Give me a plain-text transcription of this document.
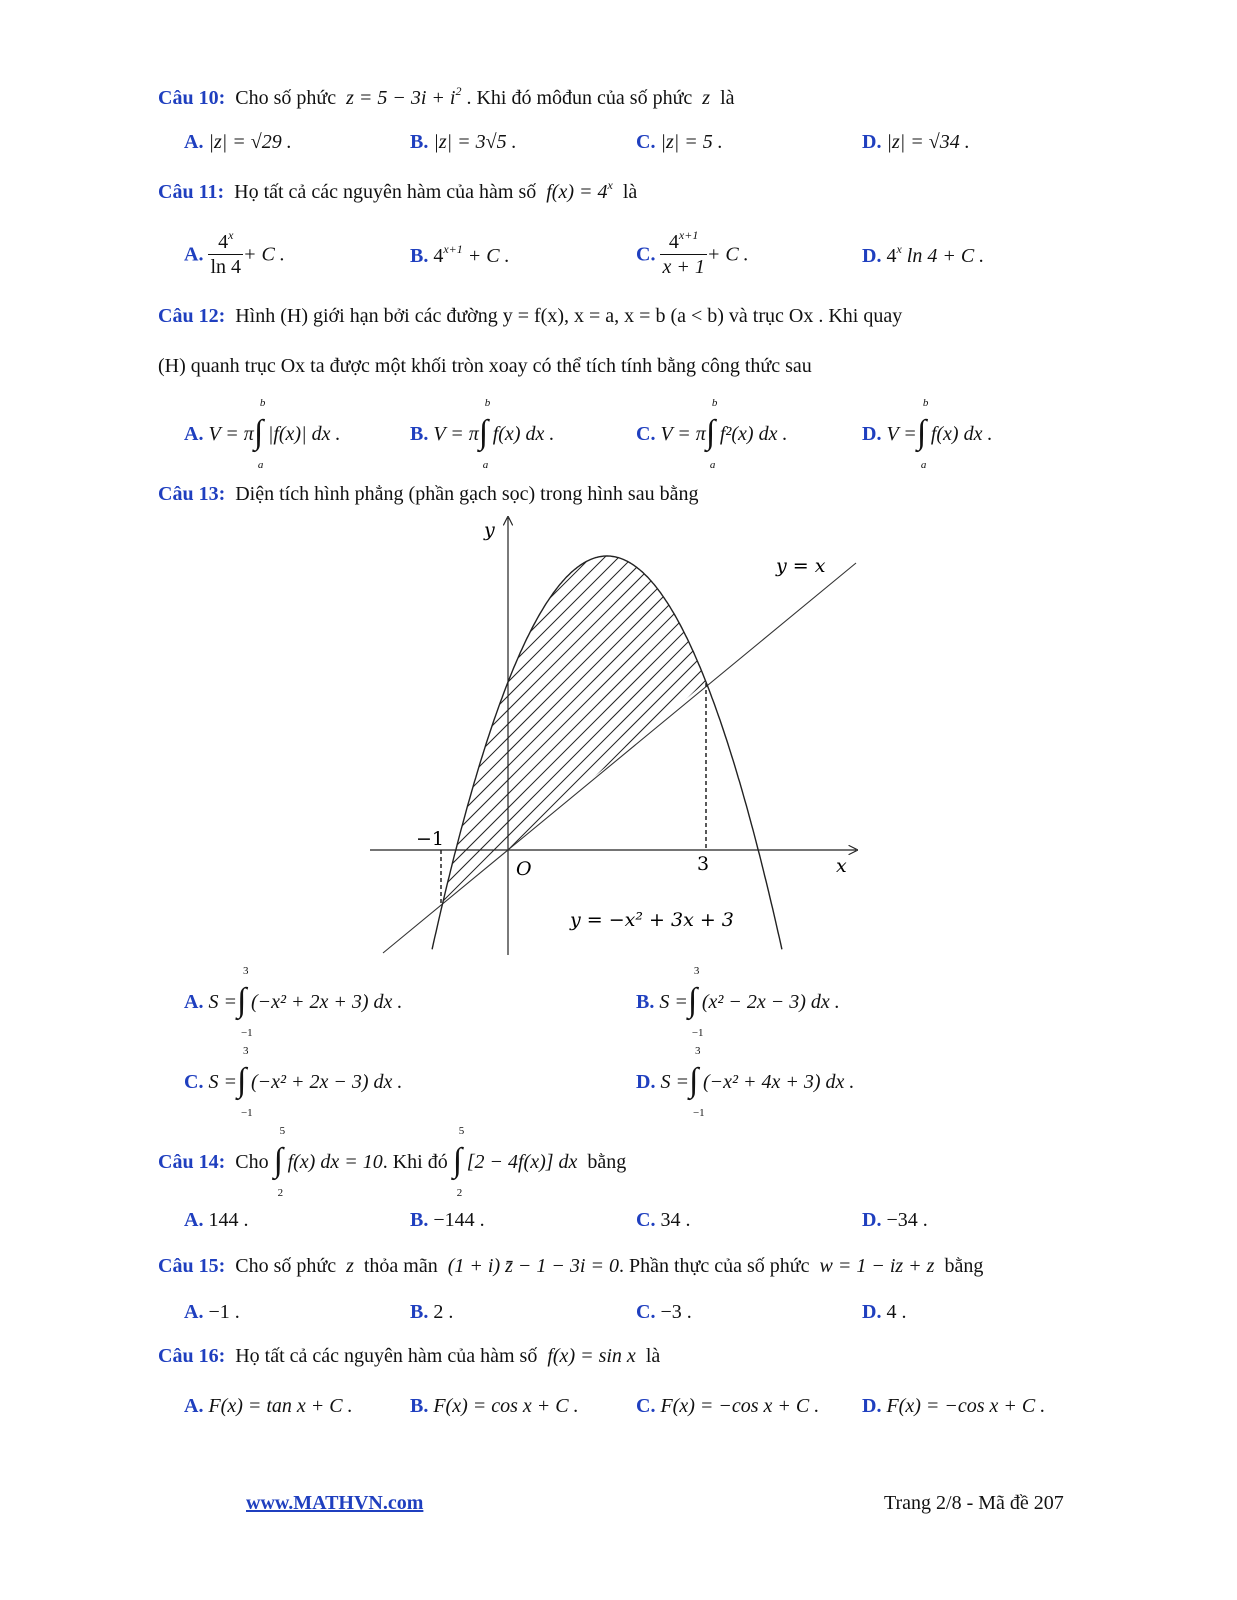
Câu 10: Cho số phức $z = 5 - 3i + i^2$ . Khi đó môđun của số phức z là
A. |z| = √29 .	B. |z| = 3√5 .	C. |z| = 5 .	D. |z| = √34 .
Câu 11: Họ tất cả các nguyên hàm của hàm số $f(x) = 4^x$ là
A. $\frac{4^x}{\ln 4} + C$ .	B. $4^{x+1} + C$ .	C. $\frac{4^{x+1}}{x + 1} + C$ .	D. 4$^x$ ln 4 + C .
Câu 12: Hình (H) giới hạn bởi các đường y = f(x), x = a, x = b (a < b) và trục Ox . Khi quay
(H) quanh trục Ox ta được một khối tròn xoay có thể tích tính bằng công thức sau
A. V = π ∫
b
a
|f(x)| dx .	B. V = π ∫
b
a
f(x) dx .	C. V = π ∫
b
a
f²(x) dx .	D. V = ∫
b
a
f(x) dx .
Câu 13: Diện tích hình phẳng (phần gạch sọc) trong hình sau bằng
y
x
O
−1
3
y = x
y = −x² + 3x + 3
A. S = ∫
3
−1
(−x² + 2x + 3) dx .	B. S = ∫
3
−1
(x² − 2x − 3) dx .
C. S = ∫
3
−1
(−x² + 2x − 3) dx .	D. S = ∫
3
−1
(−x² + 4x + 3) dx .
Câu 14: Cho ∫
5
2
f(x) dx = 10. Khi đó ∫
5
2
[2 − 4f(x)] dx bằng
A. 144 .	B. −144 .	C. 34 .	D. −34 .
Câu 15: Cho số phức z thỏa mãn (1 + i) z̄ − 1 − 3i = 0. Phần thực của số phức w = 1 − iz + z bằng
A. −1 .	B. 2 .	C. −3 .	D. 4 .
Câu 16: Họ tất cả các nguyên hàm của hàm số f(x) = sin x là
A. F(x) = tan x + C .	B. F(x) = cos x + C .	C. F(x) = −cos x + C . D. F(x) = −cos x + C .
www.MATHVN.com	Trang 2/8 - Mã đề 207
